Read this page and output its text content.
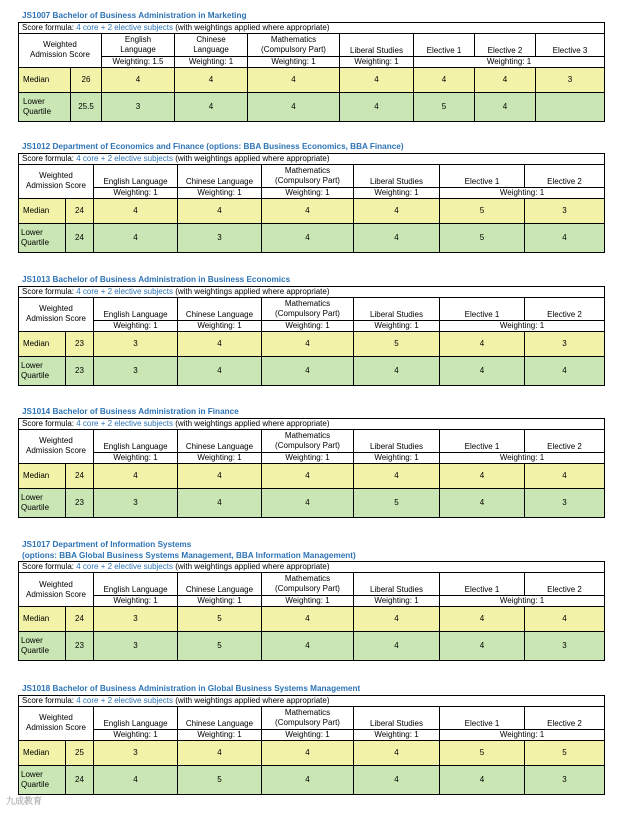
JS1007 Bachelor of Business Administration in Marketing
Score formula: 4 core + 2 elective subjects (with weightings applied where appropriate)								
Weighted
Admission Score		English
Language	Chinese
Language	Mathematics
(Compulsory Part)	Liberal Studies	Elective 1	Elective 2	Elective 3
		Weighting: 1.5	Weighting: 1	Weighting: 1	Weighting: 1	Weighting: 1		
Median	26	4	4	4	4	4	4	3
Lower
Quartile	25.5	3	4	4	4	5	4	
JS1012 Department of Economics and Finance (options: BBA Business Economics, BBA Finance)
Score formula: 4 core + 2 elective subjects (with weightings applied where appropriate)							
Weighted
Admission Score		English Language	Chinese Language	Mathematics
(Compulsory Part)	Liberal Studies	Elective 1	Elective 2
		Weighting: 1	Weighting: 1	Weighting: 1	Weighting: 1	Weighting: 1	
Median	24	4	4	4	4	5	3
Lower
Quartile	24	4	3	4	4	5	4
JS1013 Bachelor of Business Administration in Business Economics
Score formula: 4 core + 2 elective subjects (with weightings applied where appropriate)							
Weighted
Admission Score		English Language	Chinese Language	Mathematics
(Compulsory Part)	Liberal Studies	Elective 1	Elective 2
		Weighting: 1	Weighting: 1	Weighting: 1	Weighting: 1	Weighting: 1	
Median	23	3	4	4	5	4	3
Lower
Quartile	23	3	4	4	4	4	4
JS1014 Bachelor of Business Administration in Finance
Score formula: 4 core + 2 elective subjects (with weightings applied where appropriate)							
Weighted
Admission Score		English Language	Chinese Language	Mathematics
(Compulsory Part)	Liberal Studies	Elective 1	Elective 2
		Weighting: 1	Weighting: 1	Weighting: 1	Weighting: 1	Weighting: 1	
Median	24	4	4	4	4	4	4
Lower
Quartile	23	3	4	4	5	4	3
JS1017 Department of Information Systems
(options: BBA Global Business Systems Management, BBA Information Management)
Score formula: 4 core + 2 elective subjects (with weightings applied where appropriate)							
Weighted
Admission Score		English Language	Chinese Language	Mathematics
(Compulsory Part)	Liberal Studies	Elective 1	Elective 2
		Weighting: 1	Weighting: 1	Weighting: 1	Weighting: 1	Weighting: 1	
Median	24	3	5	4	4	4	4
Lower
Quartile	23	3	5	4	4	4	3
JS1018 Bachelor of Business Administration in Global Business Systems Management
Score formula: 4 core + 2 elective subjects (with weightings applied where appropriate)							
Weighted
Admission Score		English Language	Chinese Language	Mathematics
(Compulsory Part)	Liberal Studies	Elective 1	Elective 2
		Weighting: 1	Weighting: 1	Weighting: 1	Weighting: 1	Weighting: 1	
Median	25	3	4	4	4	5	5
Lower
Quartile	24	4	5	4	4	4	3
九成教育
